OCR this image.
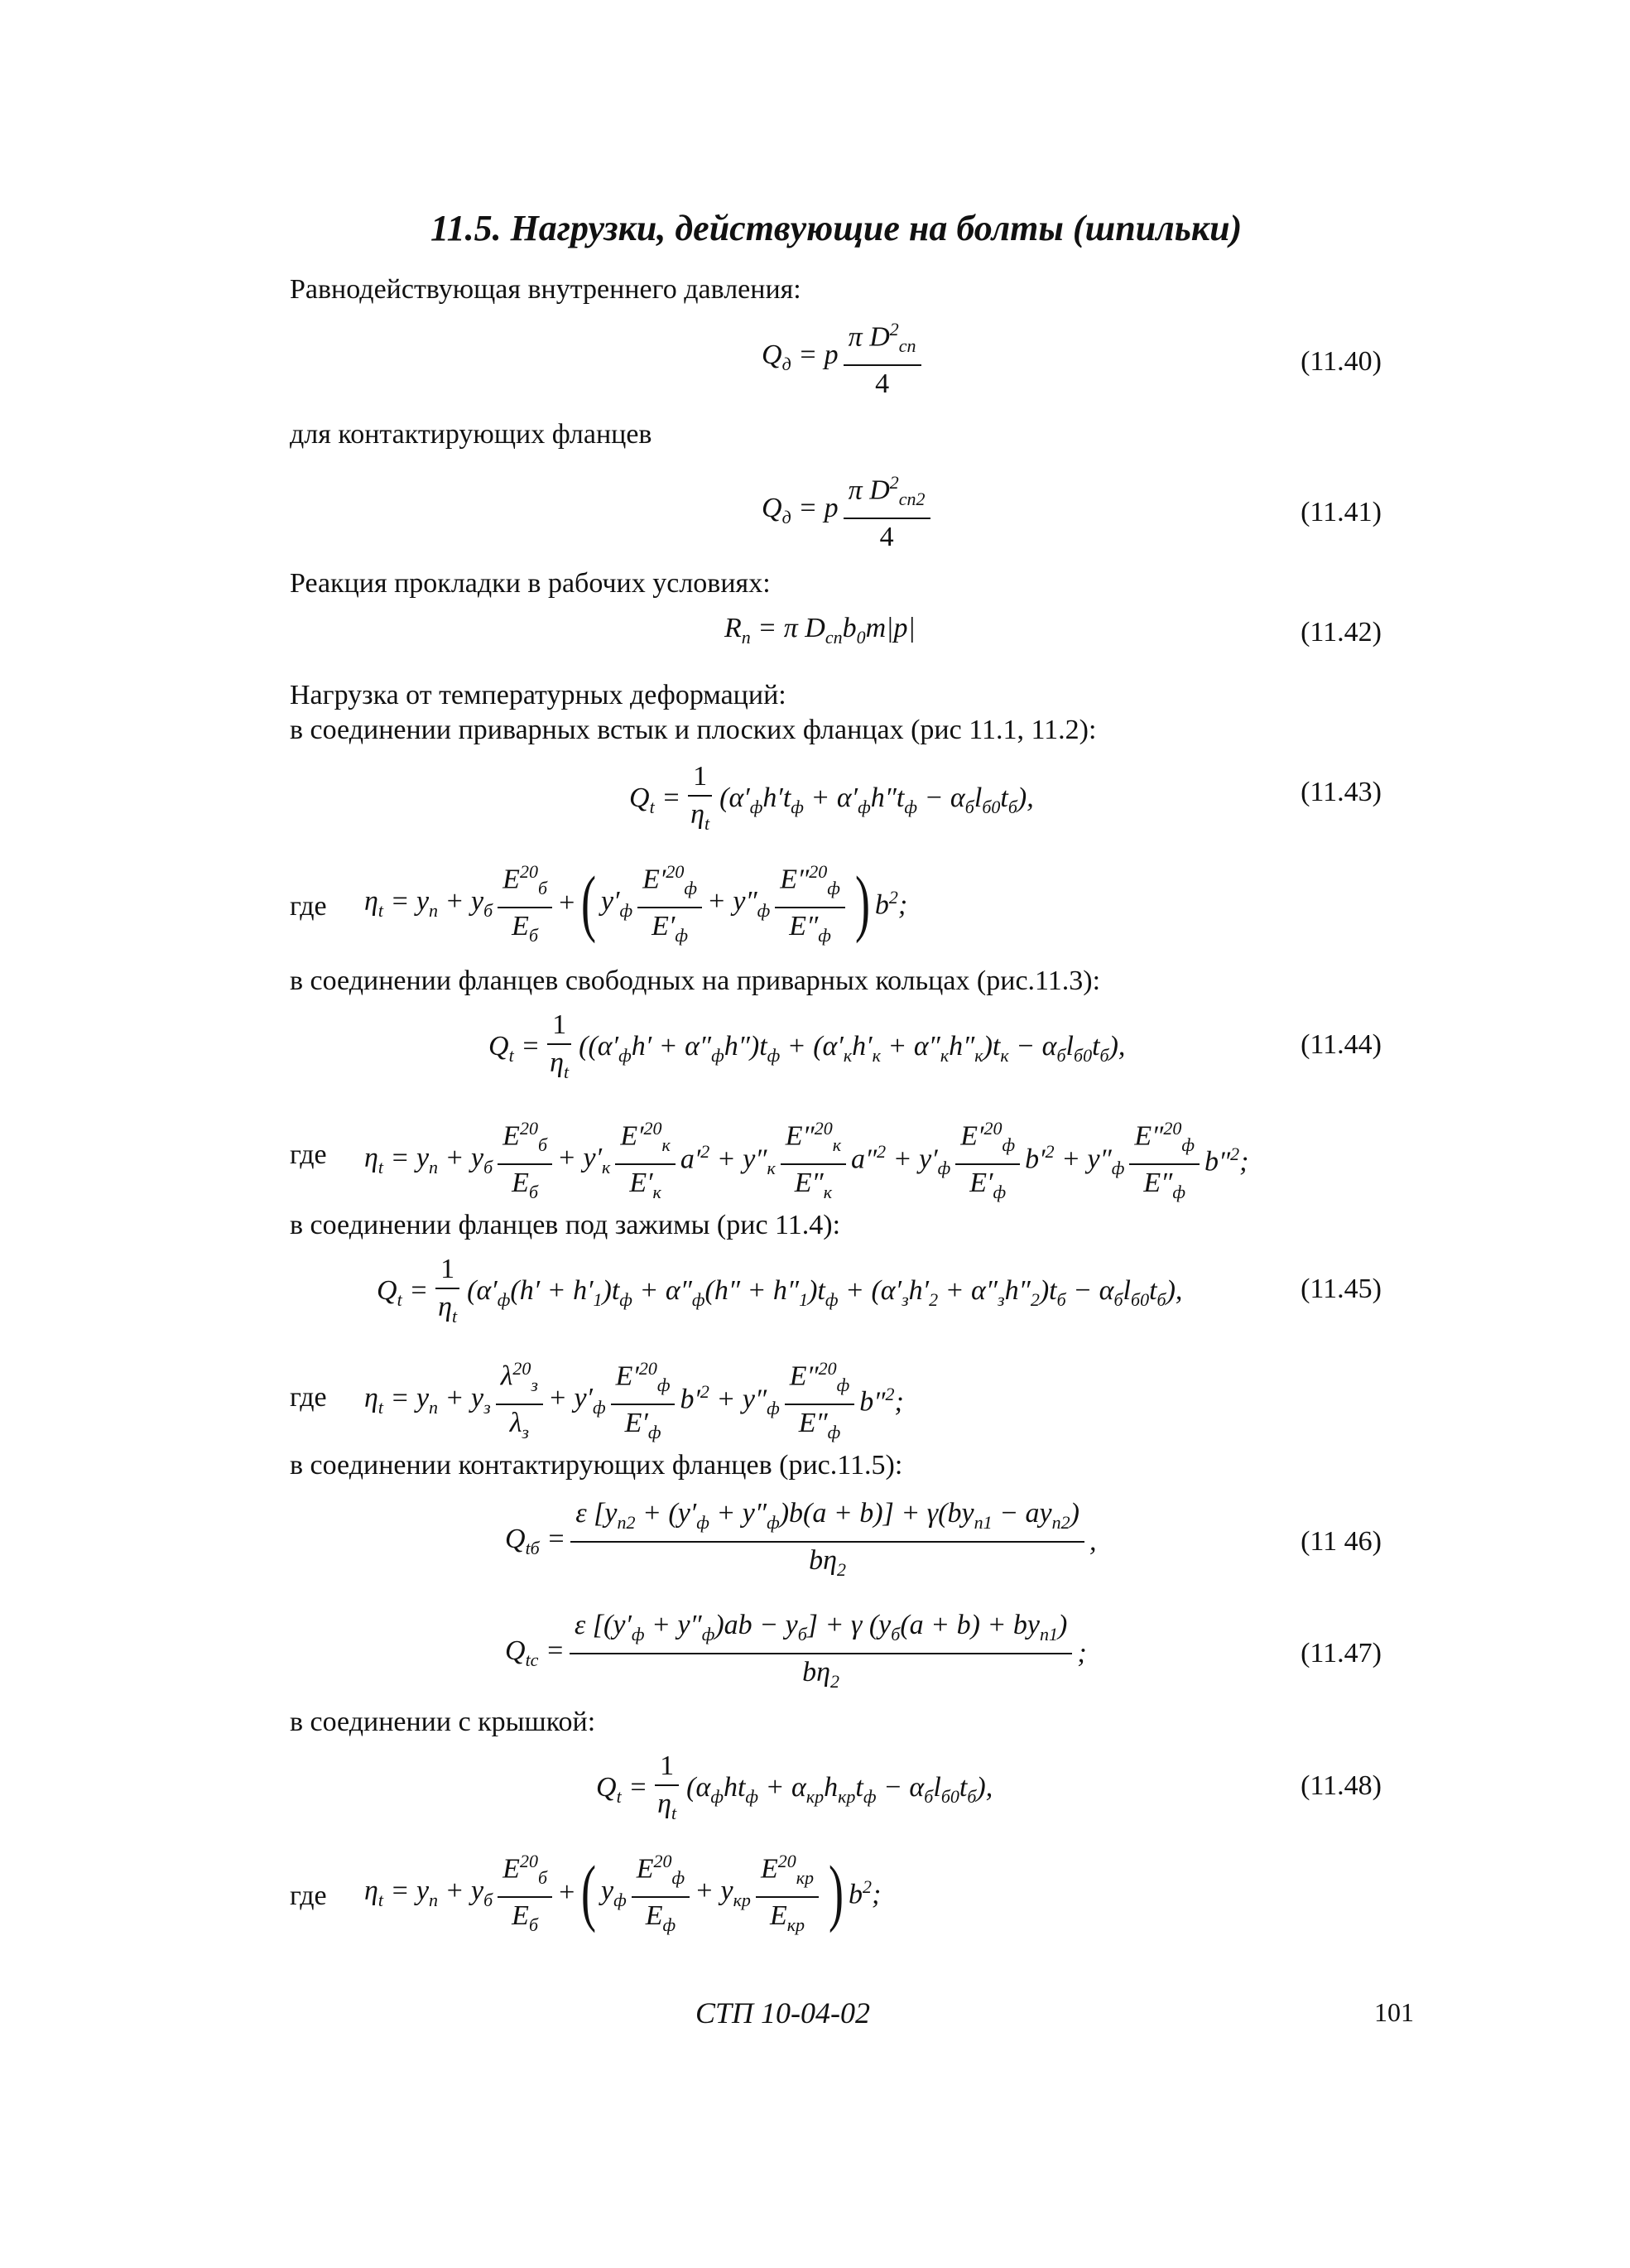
11.5. Нагрузки, действующие на болты (шпильки)
Равнодействующая внутреннего давления:
$Q_д = p \frac{\pi D^2_{сп}}{4}$	(11.40)
для контактирующих фланцев
$Q_д = p \frac{\pi D^2_{сп2}}{4}$	(11.41)
Реакция прокладки в рабочих условиях:
$R_п = \pi$ $D_{сп}b_0m|p|$	(11.42)
Нагрузка от температурных деформаций:
в соединении приварных встык и плоских фланцах (рис 11.1, 11.2):
$Q_t = \frac{1}{\eta_t} (\alpha'_фh't_ф + \alpha'_фh''t_ф - \alpha_бl_{б0}t_б)$,	(11.43)
где $\eta_t = y_п + y_б \frac{E^{20}_б}{E_б}$ + ( $y'_ф \frac{E'^{20}_ф}{E'_ф} + y''_ф \frac{E''^{20}_ф}{E''_ф}$ ) $b^2$;
в соединении фланцев свободных на приварных кольцах (рис.11.3):
$Q_t = \frac{1}{\eta_t} ((\alpha'_фh' + \alpha''_фh'')t_ф + (\alpha'_кh'_к + \alpha''_кh''_к)t_к - \alpha_бl_{б0}t_б)$,	(11.44)
где $\eta_t = y_п + y_б \frac{E^{20}_б}{E_б} + y'_к \frac{E'^{20}_к}{E'_к} a'^2 + y''_к \frac{E''^{20}_к}{E''_к} a''^2 + y'_ф \frac{E'^{20}_ф}{E'_ф} b'^2 + y''_ф \frac{E''^{20}_ф}{E''_ф} b''^2$;
в соединении фланцев под зажимы (рис 11.4):
$Q_t = \frac{1}{\eta_t} (\alpha'_ф(h' + h'_1)t_ф + \alpha''_ф(h'' + h''_1)t_ф + (\alpha'_зh'_2 + \alpha''_зh''_2)t_б - \alpha_бl_{б0}t_б)$,	(11.45)
где $\eta_t = y_п + y_з \frac{\lambda^{20}_з}{\lambda_з} + y'_ф \frac{E'^{20}_ф}{E'_ф} b'^2 + y''_ф \frac{E''^{20}_ф}{E''_ф} b''^2$;
в соединении контактирующих фланцев (рис.11.5):
$Q_{tб} = \frac{\varepsilon [y_{п2} + (y'_ф + y''_ф)b(a + b)] + \gamma(by_{п1} - ay_{п2})}{b\eta_2}$ ,	(11 46)
$Q_{tс} = \frac{\varepsilon [(y'_ф + y''_ф)ab - y_б] + \gamma (y_б(a + b) + by_{п1})}{b\eta_2}$ ;	(11.47)
в соединении с крышкой:
$Q_t = \frac{1}{\eta_t} (\alpha_фht_ф + \alpha_{кр}h_{кр}t_ф - \alpha_бl_{б0}t_б)$,	(11.48)
где $\eta_t = y_п + y_б \frac{E^{20}_б}{E_б}$ + ( $y_ф \frac{E^{20}_ф}{E_ф} + y_{кр} \frac{E^{20}_{кр}}{E_{кр}}$ ) $b^2$;
СТП 10-04-02	101
